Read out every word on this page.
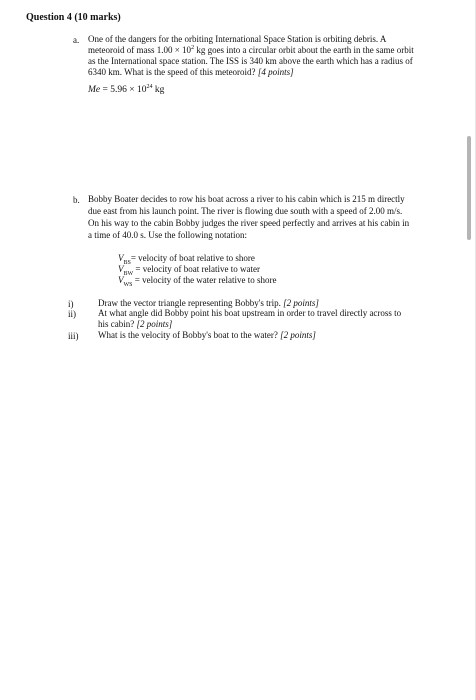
Question 4 (10 marks)
a. One of the dangers for the orbiting International Space Station is orbiting debris. A
meteoroid of mass $1.00 \times 10^2$ kg goes into a circular orbit about the earth in the same orbit
as the International space station. The ISS is 340 km above the earth which has a radius of
6340 km. What is the speed of this meteoroid? [4 points]
$Me = 5.96 \times 10^{24}$ kg
b. Bobby Boater decides to row his boat across a river to his cabin which is 215 m directly
due east from his launch point. The river is flowing due south with a speed of 2.00 m/s.
On his way to the cabin Bobby judges the river speed perfectly and arrives at his cabin in
a time of 40.0 s. Use the following notation:
$V_{BS}=$ velocity of boat relative to shore
$V_{BW}$ = velocity of boat relative to water
$V_{WS}$ = velocity of the water relative to shore
i)	Draw the vector triangle representing Bobby's trip. [2 points]
ii) At what angle did Bobby point his boat upstream in order to travel directly across to
his cabin? [2 points]
iii) What is the velocity of Bobby's boat to the water? [2 points]
